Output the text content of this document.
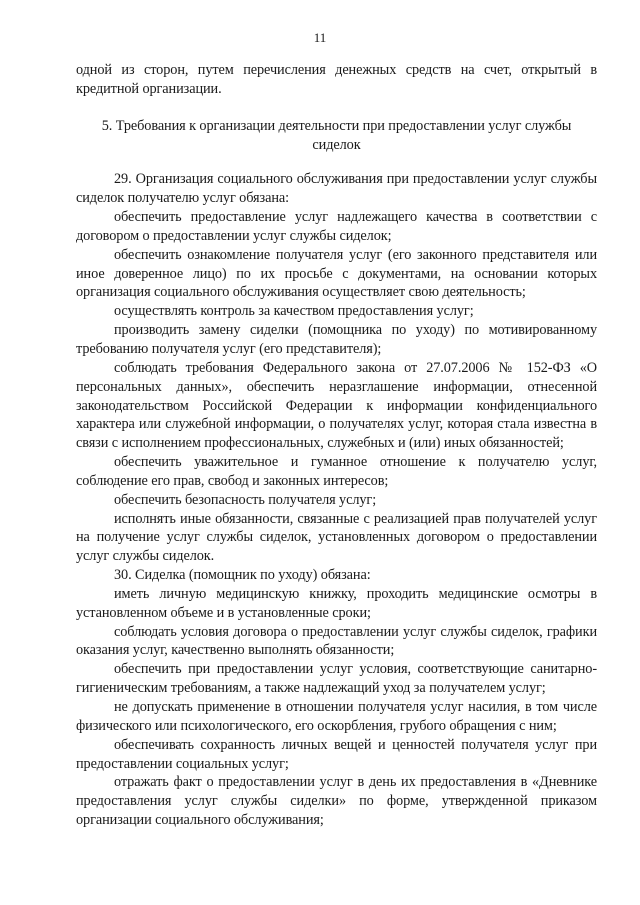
11

одной из сторон, путем перечисления денежных средств на счет, открытый в кредитной организации.

5. Требования к организации деятельности при предоставлении услуг службы сиделок

29. Организация социального обслуживания при предоставлении услуг службы сиделок получателю услуг обязана:

обеспечить предоставление услуг надлежащего качества в соответствии с договором о предоставлении услуг службы сиделок;

обеспечить ознакомление получателя услуг (его законного представителя или иное доверенное лицо) по их просьбе с документами, на основании которых организация социального обслуживания осуществляет свою деятельность;

осуществлять контроль за качеством предоставления услуг;

производить замену сиделки (помощника по уходу) по мотивированному требованию получателя услуг (его представителя);

соблюдать требования Федерального закона от 27.07.2006 № 152-ФЗ «О персональных данных», обеспечить неразглашение информации, отнесенной законодательством Российской Федерации к информации конфиденциального характера или служебной информации, о получателях услуг, которая стала известна в связи с исполнением профессиональных, служебных и (или) иных обязанностей;

обеспечить уважительное и гуманное отношение к получателю услуг, соблюдение его прав, свобод и законных интересов;

обеспечить безопасность получателя услуг;

исполнять иные обязанности, связанные с реализацией прав получателей услуг на получение услуг службы сиделок, установленных договором о предоставлении услуг службы сиделок.

30. Сиделка (помощник по уходу) обязана:

иметь личную медицинскую книжку, проходить медицинские осмотры в установленном объеме и в установленные сроки;

соблюдать условия договора о предоставлении услуг службы сиделок, графики оказания услуг, качественно выполнять обязанности;

обеспечить при предоставлении услуг условия, соответствующие санитарно-гигиеническим требованиям, а также надлежащий уход за получателем услуг;

не допускать применение в отношении получателя услуг насилия, в том числе физического или психологического, его оскорбления, грубого обращения с ним;

обеспечивать сохранность личных вещей и ценностей получателя услуг при предоставлении социальных услуг;

отражать факт о предоставлении услуг в день их предоставления в «Дневнике предоставления услуг службы сиделки» по форме, утвержденной приказом организации социального обслуживания;
